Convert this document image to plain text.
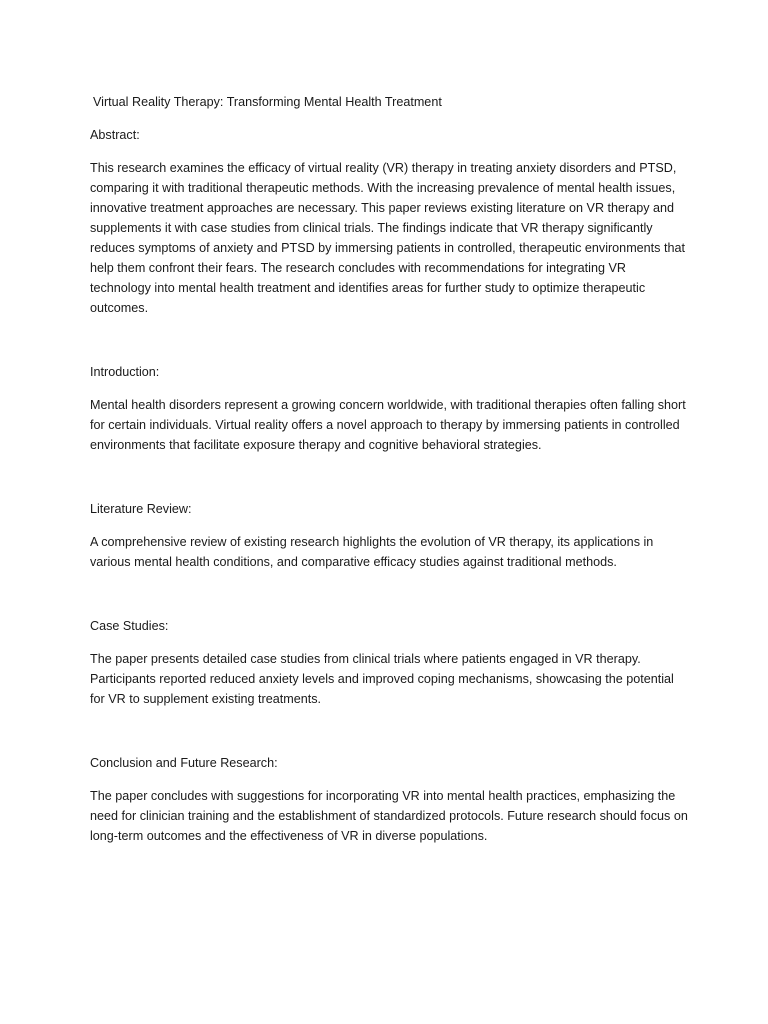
Virtual Reality Therapy: Transforming Mental Health Treatment

Abstract:

This research examines the efficacy of virtual reality (VR) therapy in treating anxiety disorders and PTSD, comparing it with traditional therapeutic methods. With the increasing prevalence of mental health issues, innovative treatment approaches are necessary. This paper reviews existing literature on VR therapy and supplements it with case studies from clinical trials. The findings indicate that VR therapy significantly reduces symptoms of anxiety and PTSD by immersing patients in controlled, therapeutic environments that help them confront their fears. The research concludes with recommendations for integrating VR technology into mental health treatment and identifies areas for further study to optimize therapeutic outcomes.

Introduction:

Mental health disorders represent a growing concern worldwide, with traditional therapies often falling short for certain individuals. Virtual reality offers a novel approach to therapy by immersing patients in controlled environments that facilitate exposure therapy and cognitive behavioral strategies.

Literature Review:

A comprehensive review of existing research highlights the evolution of VR therapy, its applications in various mental health conditions, and comparative efficacy studies against traditional methods.

Case Studies:

The paper presents detailed case studies from clinical trials where patients engaged in VR therapy. Participants reported reduced anxiety levels and improved coping mechanisms, showcasing the potential for VR to supplement existing treatments.

Conclusion and Future Research:

The paper concludes with suggestions for incorporating VR into mental health practices, emphasizing the need for clinician training and the establishment of standardized protocols. Future research should focus on long-term outcomes and the effectiveness of VR in diverse populations.
